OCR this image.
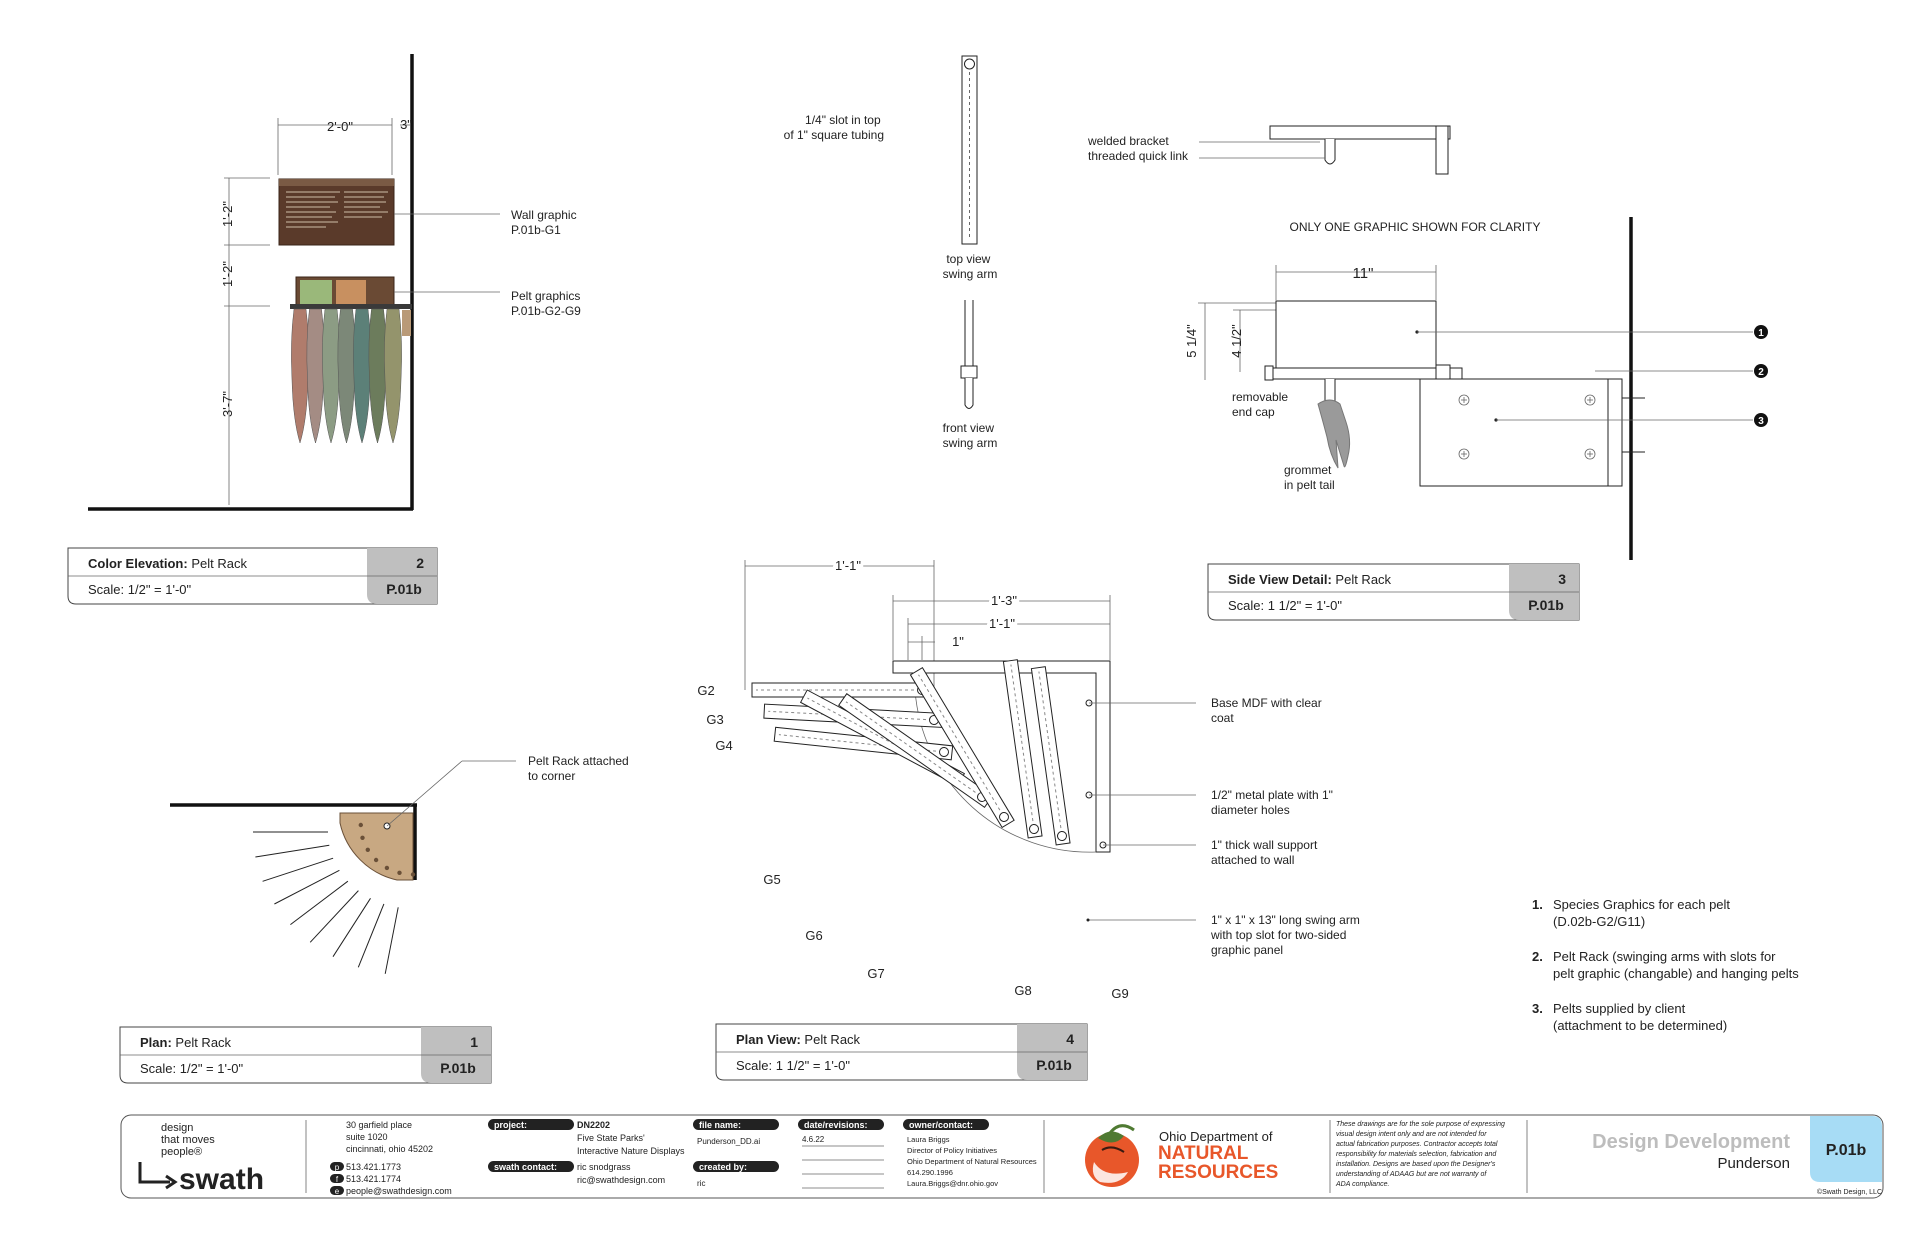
2'-0"	3"
1'-2"
1'-2"
3'-7"
Wall graphic P.01b-G1
Pelt graphics P.01b-G2-G9
Color Elevation: Pelt Rack
Scale: 1/2" = 1'-0"
2
P.01b
1/4" slot in top of 1" square tubing
top view swing arm
front view swing arm
welded bracket threaded quick link
ONLY ONE GRAPHIC SHOWN FOR CLARITY
11"
5 1/4" 4 1/2"
removable end cap
grommet in pelt tail
1
2
3
Side View Detail: Pelt Rack
Scale: 1 1/2" = 1'-0"
3
P.01b
Pelt Rack attached to corner
Plan: Pelt Rack
Scale: 1/2" = 1'-0"
1
P.01b
1'-1"
1'-3"
1'-1"
1"
G2
G3
G4
G5
G6
G7
G8	G9
Base MDF with clear coat
1/2" metal plate with 1" diameter holes
1" thick wall support attached to wall
1" x 1" x 13" long swing arm with top slot for two-sided graphic panel
Plan View: Pelt Rack
Scale: 1 1/2" = 1'-0"
4
P.01b
1. Species Graphics for each pelt (D.02b-G2/G11)
2. Pelt Rack (swinging arms with slots for pelt graphic (changable) and hanging pelts
3. Pelts supplied by client (attachment to be determined)
design that moves people®
swath
30 garfield place suite 1020 cincinnati, ohio 45202
p 513.421.1773
f 513.421.1774
e people@swathdesign.com
project:	DN2202 Five State Parks' Interactive Nature Displays
swath contact: ric snodgrass ric@swathdesign.com
file name:
Punderson_DD.ai
created by:
ric
date/revisions:
4.6.22
owner/contact:
Laura Briggs Director of Policy Initiatives Ohio Department of Natural Resources 614.290.1996 Laura.Briggs@dnr.ohio.gov
Ohio Department of
NATURAL
RESOURCES
These drawings are for the sole purpose of expressing visual design intent only and are not intended for actual fabrication purposes. Contractor accepts total responsibility for materials selection, fabrication and installation. Designs are based upon the Designer's understanding of ADAAG but are not warranty of ADA compliance.
Design Development
Punderson
P.01b
©Swath Design, LLC
